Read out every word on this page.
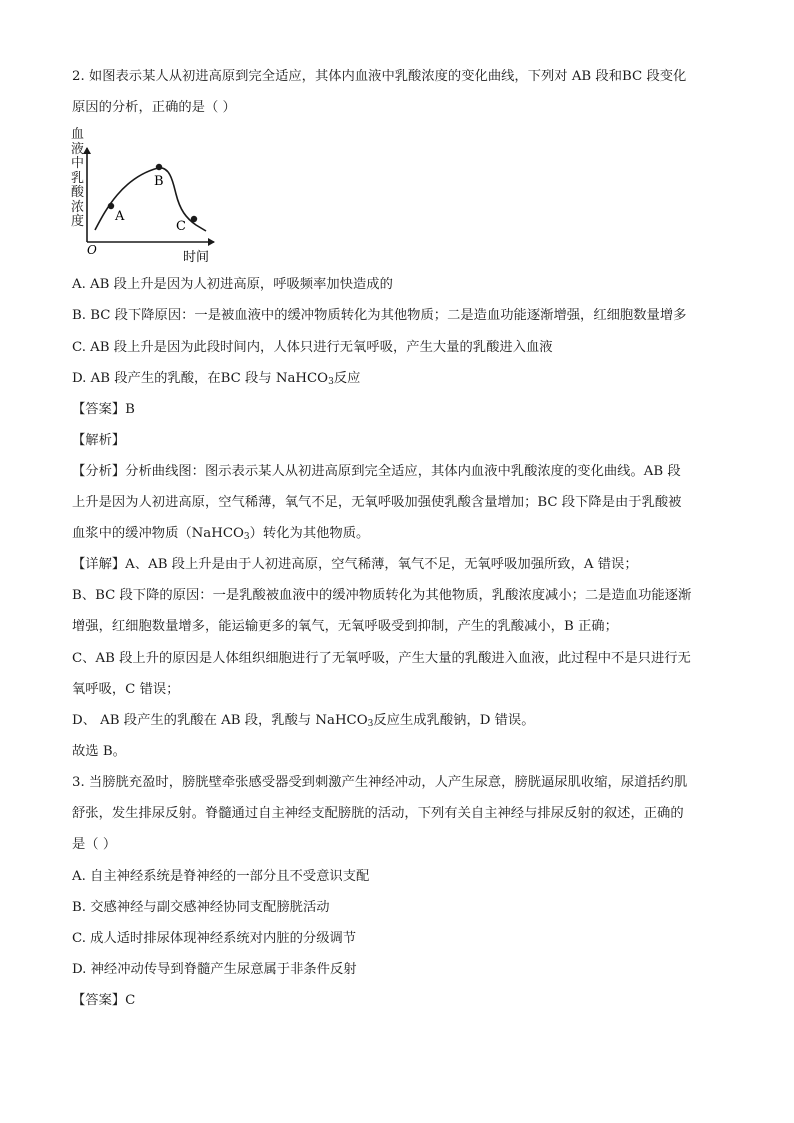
2. 如图表示某人从初进高原到完全适应，其体内血液中乳酸浓度的变化曲线，下列对 AB 段和BC 段变化
原因的分析，正确的是（ ）
血液中乳酸浓度 A
B
C
O	时间
A. AB 段上升是因为人初进高原，呼吸频率加快造成的
B. BC 段下降原因：一是被血液中的缓冲物质转化为其他物质；二是造血功能逐渐增强，红细胞数量增多
C. AB 段上升是因为此段时间内，人体只进行无氧呼吸，产生大量的乳酸进入血液
D. AB 段产生的乳酸，在BC 段与 NaHCO$_3$反应
【答案】B
【解析】
【分析】分析曲线图：图示表示某人从初进高原到完全适应，其体内血液中乳酸浓度的变化曲线。AB 段
上升是因为人初进高原，空气稀薄，氧气不足，无氧呼吸加强使乳酸含量增加；BC 段下降是由于乳酸被
血浆中的缓冲物质（NaHCO$_3$）转化为其他物质。
【详解】A、AB 段上升是由于人初进高原，空气稀薄，氧气不足，无氧呼吸加强所致，A 错误；
B、BC 段下降的原因：一是乳酸被血液中的缓冲物质转化为其他物质，乳酸浓度减小；二是造血功能逐渐
增强，红细胞数量增多，能运输更多的氧气，无氧呼吸受到抑制，产生的乳酸减小，B 正确；
C、AB 段上升的原因是人体组织细胞进行了无氧呼吸，产生大量的乳酸进入血液，此过程中不是只进行无
氧呼吸，C 错误；
D、 AB 段产生的乳酸在 AB 段，乳酸与 NaHCO$_3$反应生成乳酸钠，D 错误。
故选 B。
3. 当膀胱充盈时，膀胱壁牵张感受器受到刺激产生神经冲动，人产生尿意，膀胱逼尿肌收缩，尿道括约肌
舒张，发生排尿反射。脊髓通过自主神经支配膀胱的活动，下列有关自主神经与排尿反射的叙述，正确的
是（ ）
A. 自主神经系统是脊神经的一部分且不受意识支配
B. 交感神经与副交感神经协同支配膀胱活动
C. 成人适时排尿体现神经系统对内脏的分级调节
D. 神经冲动传导到脊髓产生尿意属于非条件反射
【答案】C
